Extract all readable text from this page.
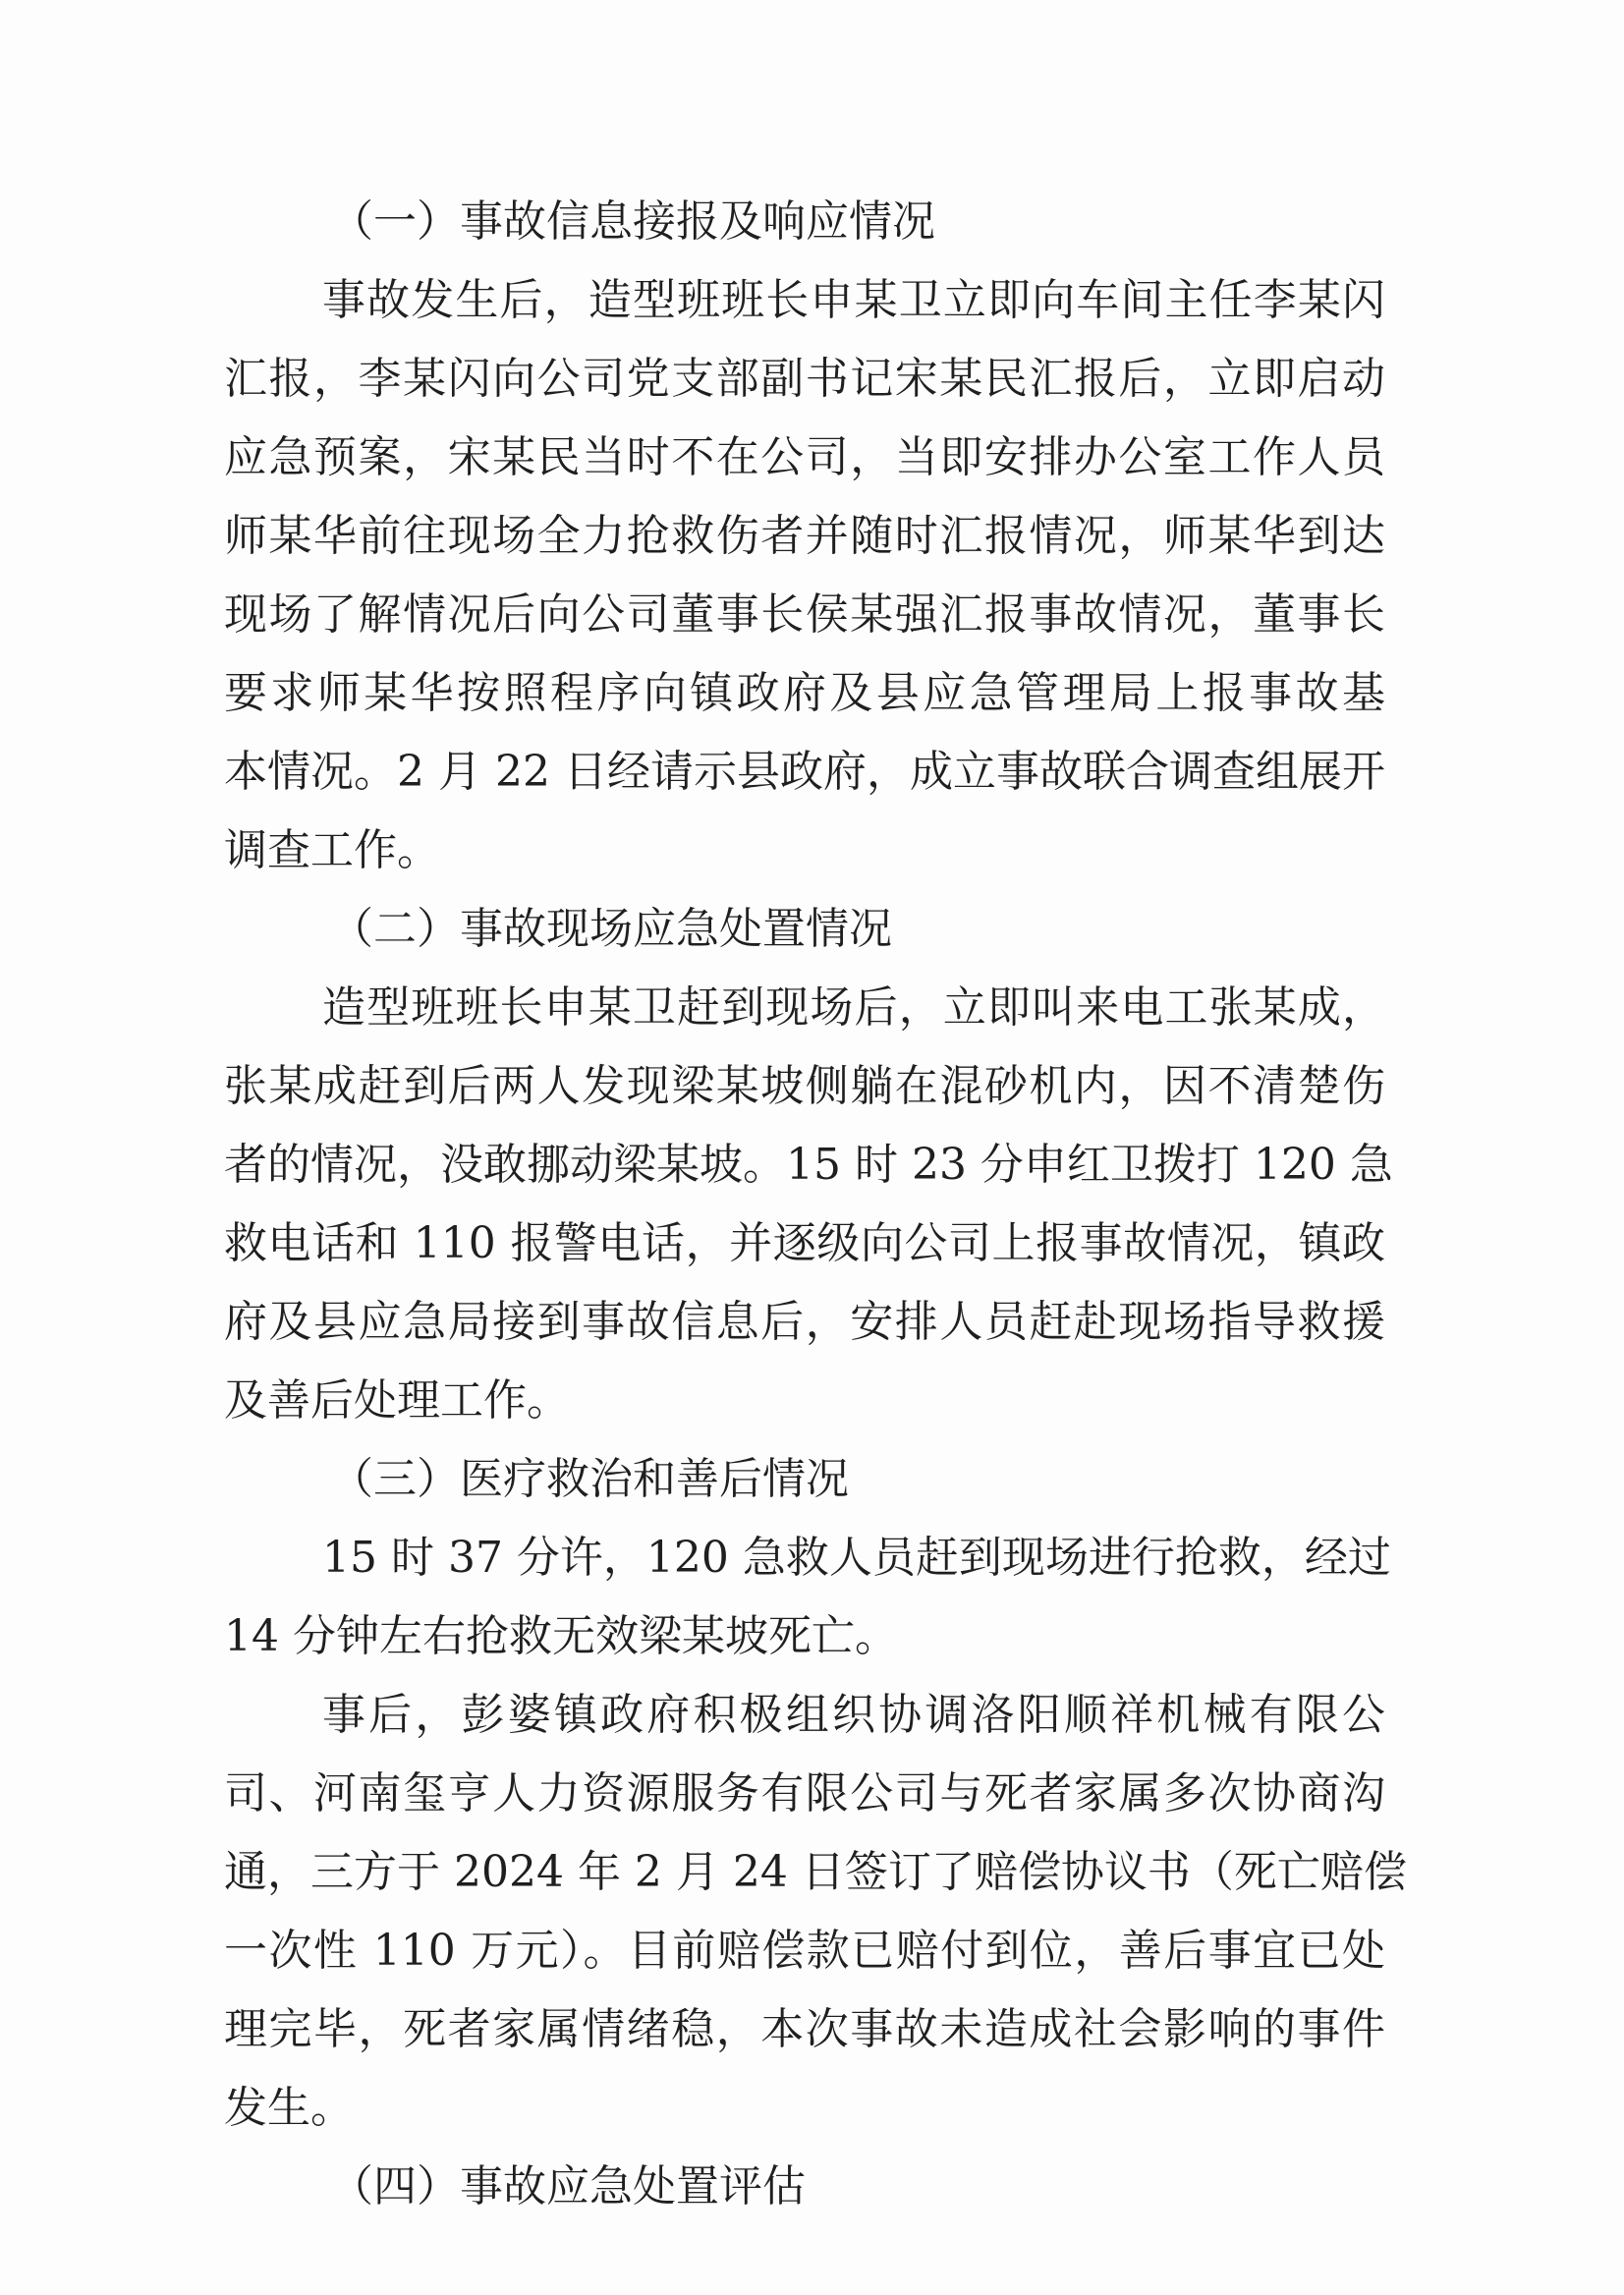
（一）事故信息接报及响应情况
事故发生后，造型班班长申某卫立即向车间主任李某闪
汇报，李某闪向公司党支部副书记宋某民汇报后，立即启动
应急预案，宋某民当时不在公司，当即安排办公室工作人员
师某华前往现场全力抢救伤者并随时汇报情况，师某华到达
现场了解情况后向公司董事长侯某强汇报事故情况，董事长
要求师某华按照程序向镇政府及县应急管理局上报事故基
本情况。2 月 22 日经请示县政府，成立事故联合调查组展开
调查工作。
（二）事故现场应急处置情况
造型班班长申某卫赶到现场后，立即叫来电工张某成，
张某成赶到后两人发现梁某坡侧躺在混砂机内，因不清楚伤
者的情况，没敢挪动梁某坡。15 时 23 分申红卫拨打 120 急
救电话和 110 报警电话，并逐级向公司上报事故情况，镇政
府及县应急局接到事故信息后，安排人员赶赴现场指导救援
及善后处理工作。
（三）医疗救治和善后情况
15 时 37 分许，120 急救人员赶到现场进行抢救，经过
14 分钟左右抢救无效梁某坡死亡。
事后，彭婆镇政府积极组织协调洛阳顺祥机械有限公
司、河南玺亨人力资源服务有限公司与死者家属多次协商沟
通，三方于 2024 年 2 月 24 日签订了赔偿协议书（死亡赔偿
一次性 110 万元）。目前赔偿款已赔付到位，善后事宜已处
理完毕，死者家属情绪稳，本次事故未造成社会影响的事件
发生。
（四）事故应急处置评估
